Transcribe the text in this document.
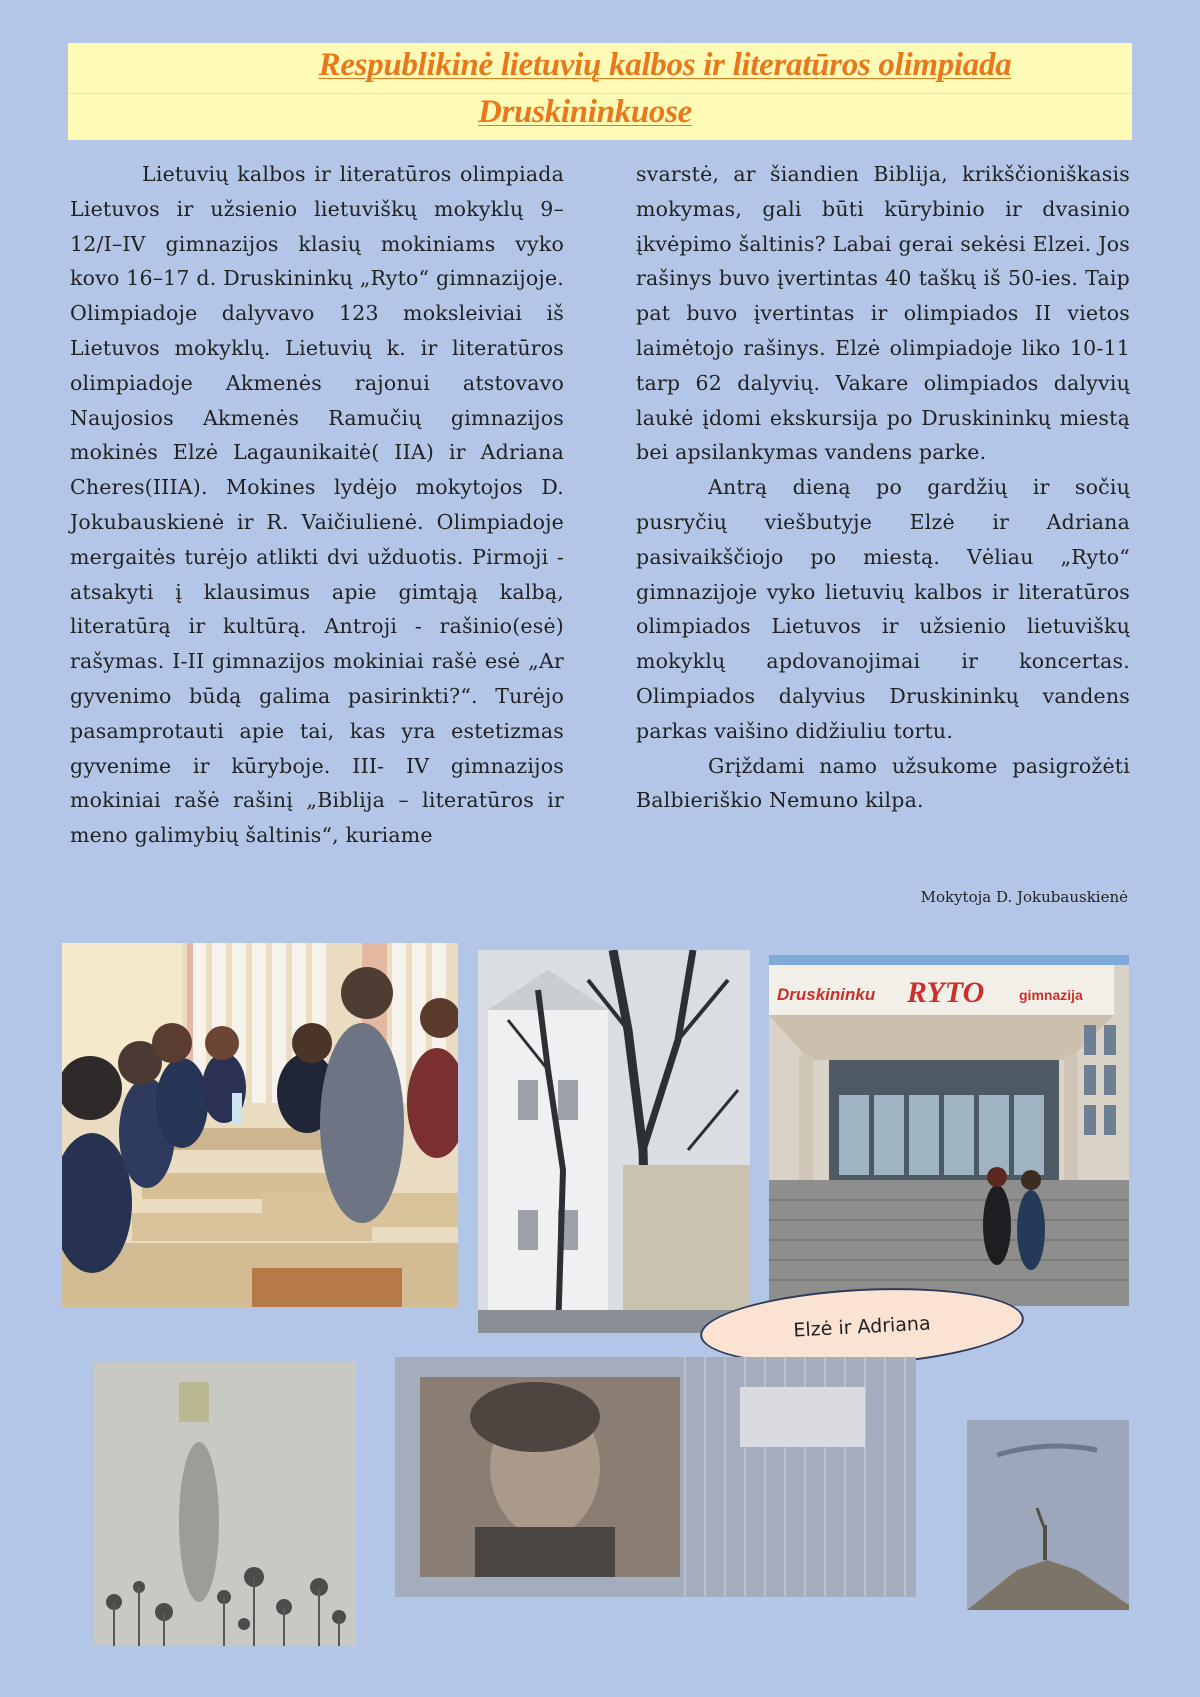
Respublikinė lietuvių kalbos ir literatūros olimpiada
Druskininkuose

Lietuvių kalbos ir literatūros olimpiada Lietuvos ir užsienio lietuviškų mokyklų 9–12/I–IV gimnazijos klasių mokiniams vyko kovo 16–17 d. Druskininkų „Ryto“ gimnazijoje. Olimpiadoje dalyvavo 123 moksleiviai iš Lietuvos mokyklų. Lietuvių k. ir literatūros olimpiadoje Akmenės rajonui atstovavo Naujosios Akmenės Ramučių gimnazijos mokinės Elzė Lagaunikaitė( IIA) ir Adriana Cheres(IIIA). Mokines lydėjo mokytojos D. Jokubauskienė ir R. Vaičiulienė. Olimpiadoje mergaitės turėjo atlikti dvi užduotis. Pirmoji - atsakyti į klausimus apie gimtąją kalbą, literatūrą ir kultūrą. Antroji - rašinio(esė) rašymas. I-II gimnazijos mokiniai rašė esė „Ar gyvenimo būdą galima pasirinkti?“. Turėjo pasamprotauti apie tai, kas yra estetizmas gyvenime ir kūryboje. III- IV gimnazijos mokiniai rašė rašinį „Biblija – literatūros ir meno galimybių šaltinis“, kuriame

svarstė, ar šiandien Biblija, krikščioniškasis mokymas, gali būti kūrybinio ir dvasinio įkvėpimo šaltinis? Labai gerai sekėsi Elzei. Jos rašinys buvo įvertintas 40 taškų iš 50-ies. Taip pat buvo įvertintas ir olimpiados II vietos laimėtojo rašinys. Elzė olimpiadoje liko 10-11 tarp 62 dalyvių. Vakare olimpiados dalyvių laukė įdomi ekskursija po Druskininkų miestą bei apsilankymas vandens parke.

Antrą dieną po gardžių ir sočių pusryčių viešbutyje Elzė ir Adriana pasivaikščiojo po miestą. Vėliau „Ryto“ gimnazijoje vyko lietuvių kalbos ir literatūros olimpiados Lietuvos ir užsienio lietuviškų mokyklų apdovanojimai ir koncertas. Olimpiados dalyvius Druskininkų vandens parkas vaišino didžiuliu tortu.

Grįždami namo užsukome pasigrožėti Balbieriškio Nemuno kilpa.

Mokytoja D. Jokubauskienė
Druskininku RYTO gimnazija
Elzė ir Adriana
